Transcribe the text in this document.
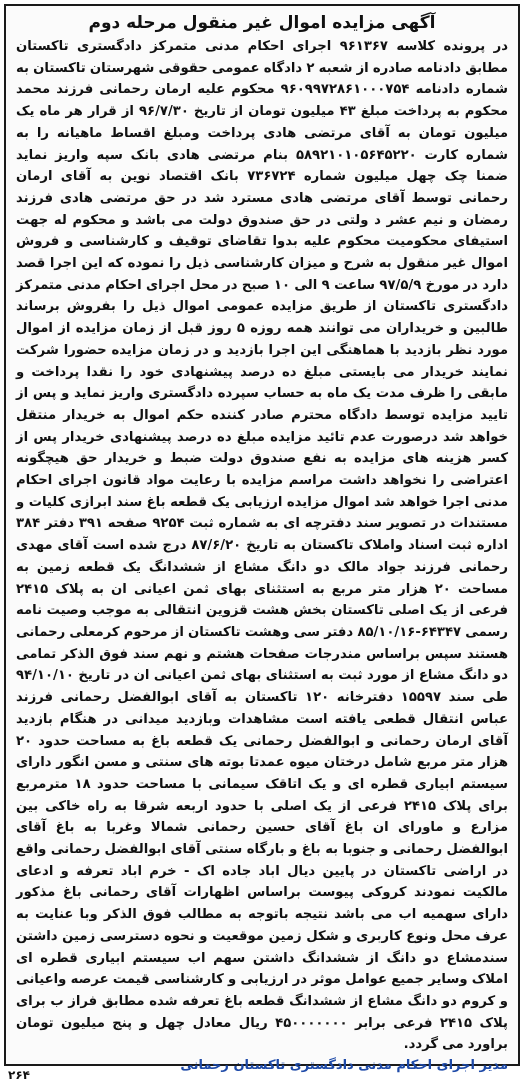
آگهی مزایده اموال غیر منقول مرحله دوم

در پرونده کلاسه ۹۶۱۳۶۷ اجرای احکام مدنی متمرکز دادگستری تاکستان مطابق دادنامه صادره از شعبه ۲ دادگاه عمومی حقوقی شهرستان تاکستان به شماره دادنامه ۹۶۰۹۹۷۲۸۶۱۰۰۰۷۵۴ محکوم علیه ارمان رحمانی فرزند محمد محکوم به پرداخت مبلغ ۴۳ میلیون تومان از تاریخ ۹۶/۷/۳۰ از قرار هر ماه یک میلیون تومان به آقای مرتضی هادی پرداخت ومبلغ اقساط ماهیانه را به شماره کارت ۵۸۹۲۱۰۱۰۵۶۴۵۲۲۰ بنام مرتضی هادی بانک سپه واریز نماید ضمنا چک چهل میلیون شماره ۷۳۶۷۲۴ بانک اقتصاد نوین به آقای ارمان رحمانی توسط آقای مرتضی هادی مسترد شد در حق مرتضی هادی فرزند رمضان و نیم عشر د ولتی در حق صندوق دولت می باشد و محکوم له جهت استیفای محکومیت محکوم علیه بدوا تقاضای توقیف و کارشناسی و فروش اموال غیر منقول به شرح و میزان کارشناسی ذیل را نموده که این اجرا قصد دارد در مورخ ۹۷/۵/۹ ساعت ۹ الی ۱۰ صبح در محل اجرای احکام مدنی متمرکز دادگستری تاکستان از طریق مزایده عمومی اموال ذیل را بفروش برساند طالبین و خریداران می توانند همه روزه ۵ روز قبل از زمان مزایده از اموال مورد نظر بازدید با هماهنگی این اجرا بازدید و در زمان مزایده حضورا شرکت نمایند خریدار می بایستی مبلغ ده درصد پیشنهادی خود را نقدا پرداخت و مابقی را ظرف مدت یک ماه به حساب سپرده دادگستری واریز نماید و پس از تایید مزایده توسط دادگاه محترم صادر کننده حکم اموال به خریدار منتقل خواهد شد درصورت عدم تائید مزایده مبلغ ده درصد پیشنهادی خریدار پس از کسر هزینه های مزایده به نفع صندوق دولت ضبط و خریدار حق هیچگونه اعتراضی را نخواهد داشت مراسم مزایده با رعایت مواد قانون اجرای احکام مدنی اجرا خواهد شد اموال مزایده ارزیابی یک قطعه باغ سند ابرازی کلیات و مستندات در تصویر سند دفترچه ای به شماره ثبت ۹۲۵۴ صفحه ۳۹۱ دفتر ۳۸۴ اداره ثبت اسناد واملاک تاکستان به تاریخ ۸۷/۶/۲۰ درج شده است آقای مهدی رحمانی فرزند جواد مالک دو دانگ مشاع از ششدانگ یک قطعه زمین به مساحت ۲۰ هزار متر مربع به استثنای بهای ثمن اعیانی ان به پلاک ۲۴۱۵ فرعی از یک اصلی تاکستان بخش هشت قزوین انتقالی به موجب وصیت نامه رسمی ۶۴۳۴۷-۸۵/۱۰/۱۶ دفتر سی وهشت تاکستان از مرحوم کرمعلی رحمانی هستند سپس براساس مندرجات صفحات هشتم و نهم سند فوق الذکر تمامی دو دانگ مشاع از مورد ثبت به استثنای بهای ثمن اعیانی ان در تاریخ ۹۴/۱۰/۱۰ طی سند ۱۵۵۹۷ دفترخانه ۱۲۰ تاکستان به آقای ابوالفضل رحمانی فرزند عباس انتقال قطعی یافته است مشاهدات وبازدید میدانی در هنگام بازدید آقای ارمان رحمانی و ابوالفضل رحمانی یک قطعه باغ به مساحت حدود ۲۰ هزار متر مربع شامل درختان میوه عمدتا بوته های سنتی و مسن انگور دارای سیستم ابیاری قطره ای و یک اتاقک سیمانی با مساحت حدود ۱۸ مترمربع برای پلاک ۲۴۱۵ فرعی از یک اصلی با حدود اربعه شرقا به راه خاکی بین مزارع و ماورای ان باغ آقای حسین رحمانی شمالا وغربا به باغ آقای ابوالفضل رحمانی و جنوبا به باغ و بارگاه سنتی آقای ابوالفضل رحمانی واقع در اراضی تاکستان در پایین دیال اباد جاده اک - خرم اباد تعرفه و ادعای مالکیت نمودند کروکی پیوست براساس اظهارات آقای رحمانی باغ مذکور دارای سهمیه اب می باشد نتیجه باتوجه به مطالب فوق الذکر وبا عنایت به عرف محل ونوع کاربری و شکل زمین موقعیت و نحوه دسترسی زمین داشتن سندمشاع دو دانگ از ششدانگ داشتن سهم اب سیستم ابیاری قطره ای املاک وسایر جمیع عوامل موثر در ارزیابی و کارشناسی قیمت عرصه واعیانی و کروم دو دانگ مشاع از ششدانگ قطعه باغ تعرفه شده مطابق فراز ب برای پلاک ۲۴۱۵ فرعی برابر ۴۵۰۰۰۰۰۰۰ ریال معادل چهل و پنج میلیون تومان براورد می گردد.

مدیر اجرای احکام مدنی دادگستری تاکستان رحمانی

۲۶۴
